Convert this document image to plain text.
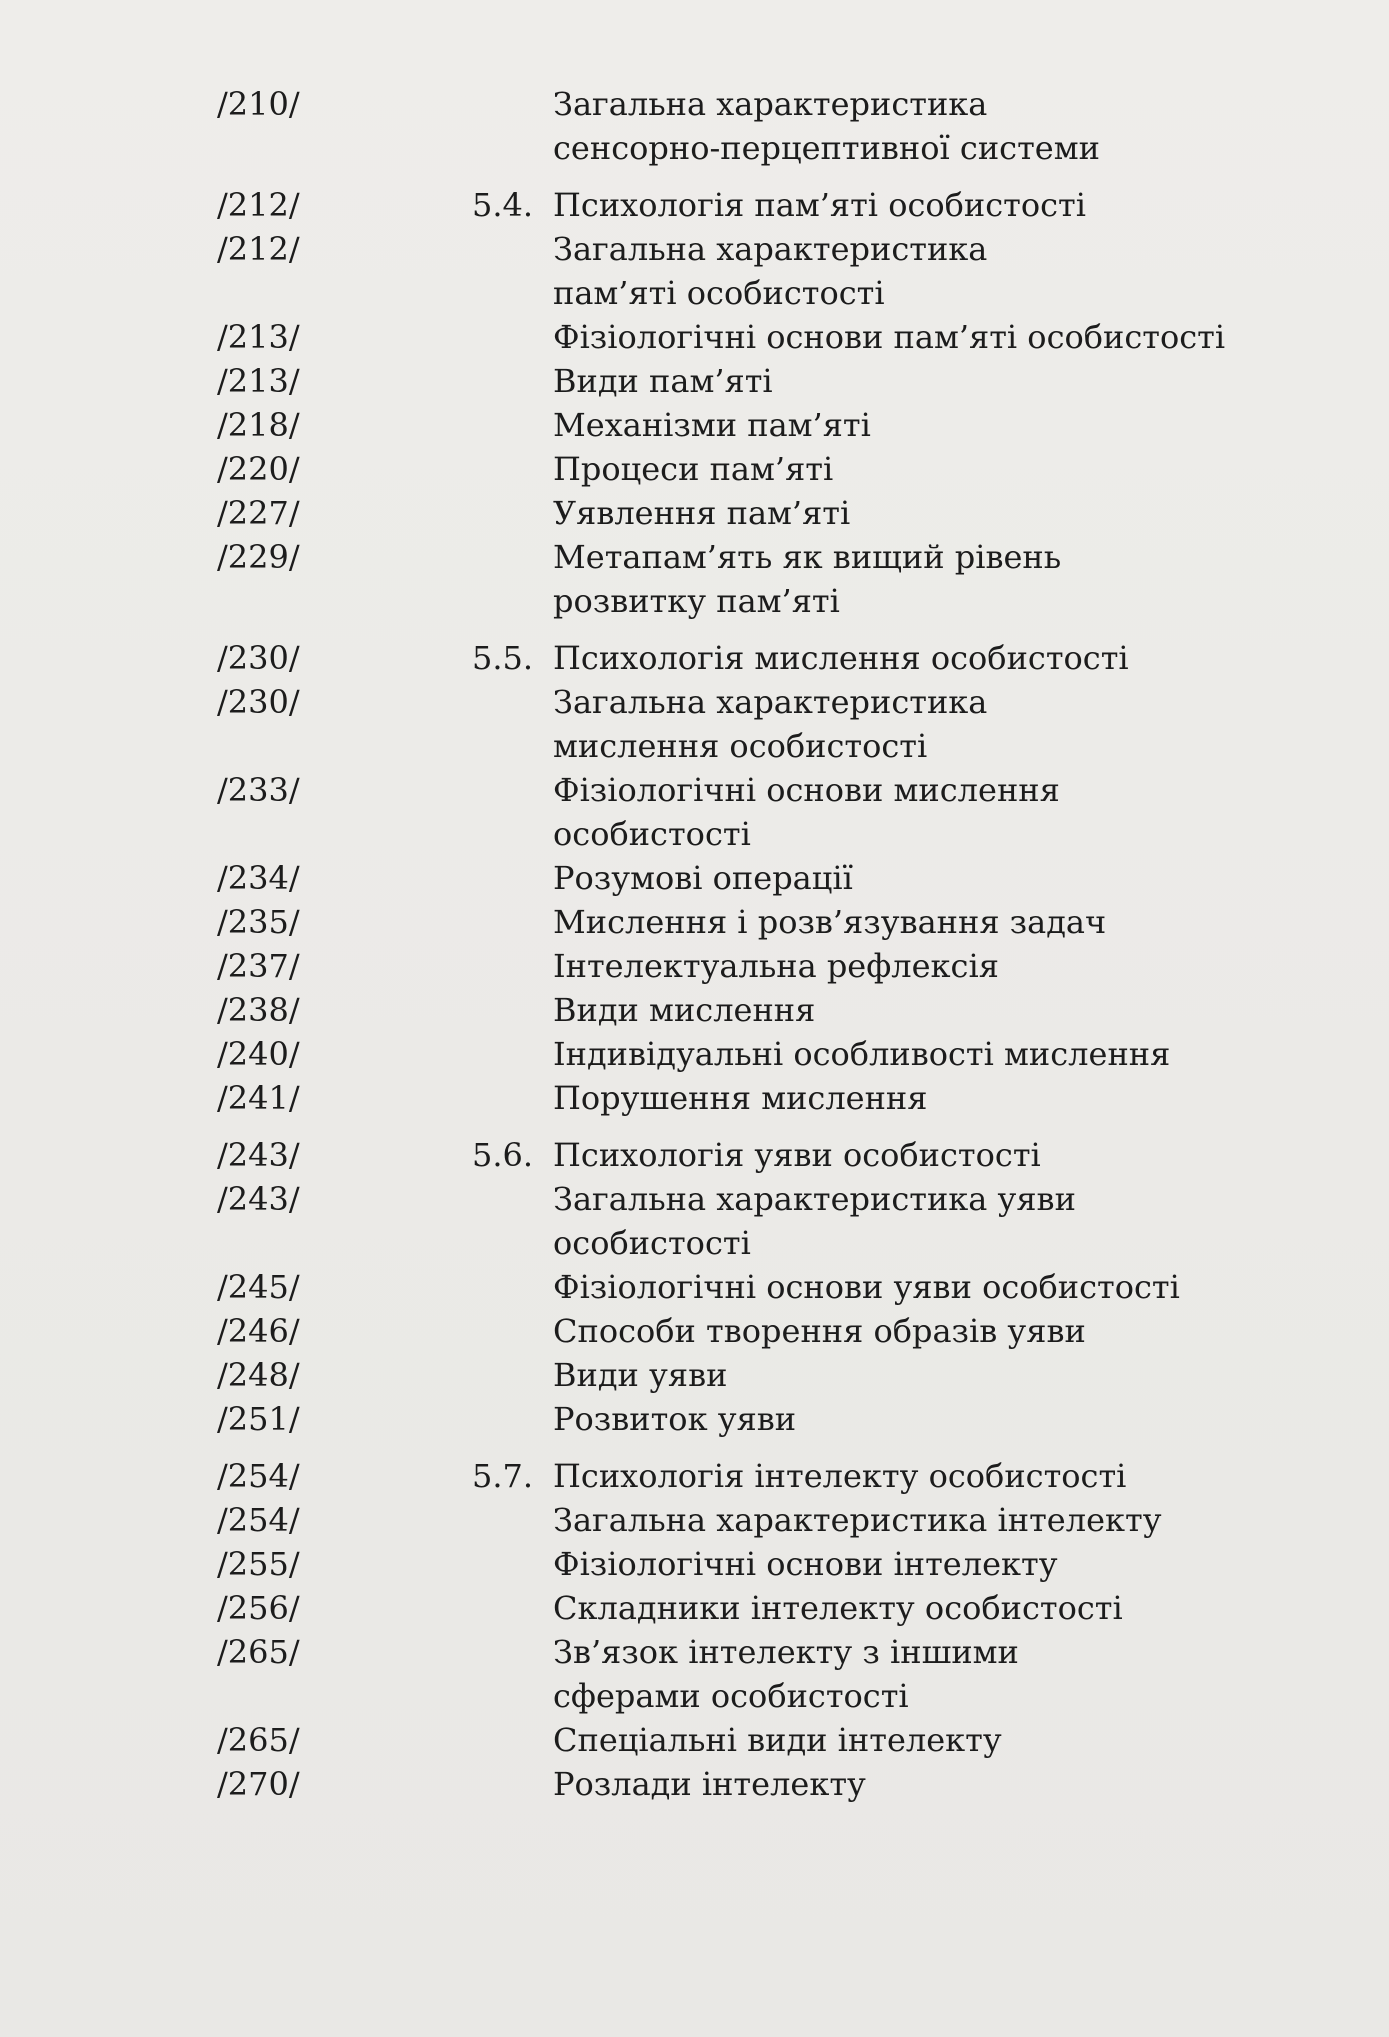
/210/	Загальна характеристика
сенсорно-перцептивної системи
/212/	5.4. Психологія пам’яті особистості
/212/	Загальна характеристика
пам’яті особистості
/213/	Фізіологічні основи пам’яті особистості
/213/	Види пам’яті
/218/	Механізми пам’яті
/220/	Процеси пам’яті
/227/	Уявлення пам’яті
/229/	Метапам’ять як вищий рівень
розвитку пам’яті
/230/	5.5. Психологія мислення особистості
/230/	Загальна характеристика
мислення особистості
/233/	Фізіологічні основи мислення
особистості
/234/	Розумові операції
/235/	Мислення і розв’язування задач
/237/	Інтелектуальна рефлексія
/238/	Види мислення
/240/	Індивідуальні особливості мислення
/241/	Порушення мислення
/243/	5.6. Психологія уяви особистості
/243/	Загальна характеристика уяви
особистості
/245/	Фізіологічні основи уяви особистості
/246/	Способи творення образів уяви
/248/	Види уяви
/251/	Розвиток уяви
/254/	5.7. Психологія інтелекту особистості
/254/	Загальна характеристика інтелекту
/255/	Фізіологічні основи інтелекту
/256/	Складники інтелекту особистості
/265/	Зв’язок інтелекту з іншими
сферами особистості
/265/	Спеціальні види інтелекту
/270/	Розлади інтелекту
